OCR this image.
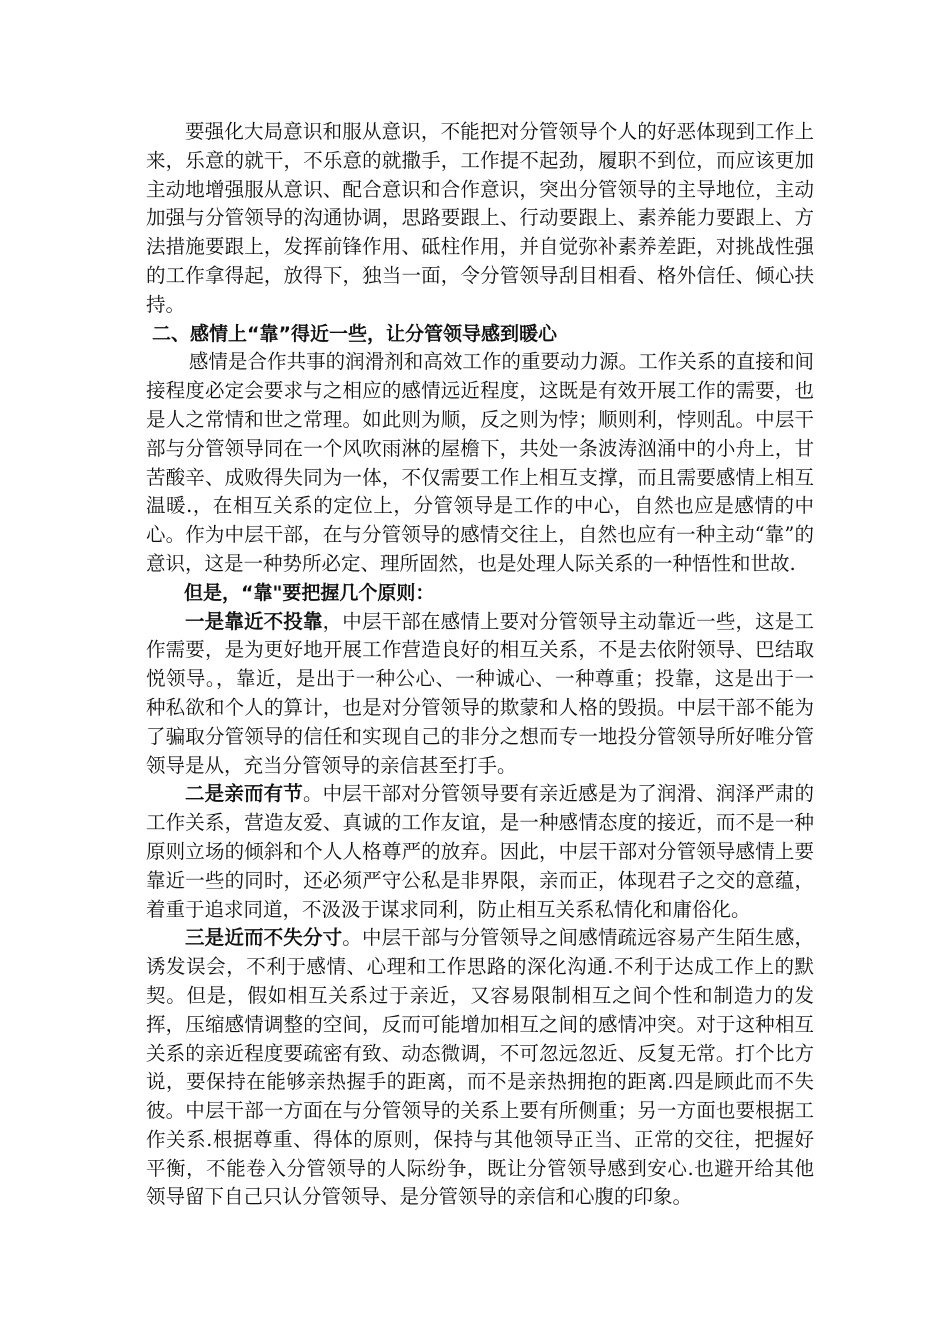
要强化大局意识和服从意识，不能把对分管领导个人的好恶体现到工作上来，乐意的就干，不乐意的就撒手，工作提不起劲，履职不到位，而应该更加主动地增强服从意识、配合意识和合作意识，突出分管领导的主导地位，主动加强与分管领导的沟通协调，思路要跟上、行动要跟上、素养能力要跟上、方法措施要跟上，发挥前锋作用、砥柱作用，并自觉弥补素养差距，对挑战性强的工作拿得起，放得下，独当一面，令分管领导刮目相看、格外信任、倾心扶持。

二、感情上“靠”得近一些，让分管领导感到暖心

感情是合作共事的润滑剂和高效工作的重要动力源。工作关系的直接和间接程度必定会要求与之相应的感情远近程度，这既是有效开展工作的需要，也是人之常情和世之常理。如此则为顺，反之则为悖；顺则利，悖则乱。中层干部与分管领导同在一个风吹雨淋的屋檐下，共处一条波涛汹涌中的小舟上，甘苦酸辛、成败得失同为一体，不仅需要工作上相互支撑，而且需要感情上相互温暖.，在相互关系的定位上，分管领导是工作的中心，自然也应是感情的中心。作为中层干部，在与分管领导的感情交往上，自然也应有一种主动“靠”的意识，这是一种势所必定、理所固然，也是处理人际关系的一种悟性和世故.

但是，“靠"要把握几个原则：

一是靠近不投靠，中层干部在感情上要对分管领导主动靠近一些，这是工作需要，是为更好地开展工作营造良好的相互关系，不是去依附领导、巴结取悦领导。，靠近，是出于一种公心、一种诚心、一种尊重；投靠，这是出于一种私欲和个人的算计，也是对分管领导的欺蒙和人格的毁损。中层干部不能为了骗取分管领导的信任和实现自己的非分之想而专一地投分管领导所好唯分管领导是从，充当分管领导的亲信甚至打手。

二是亲而有节。中层干部对分管领导要有亲近感是为了润滑、润泽严肃的工作关系，营造友爱、真诚的工作友谊，是一种感情态度的接近，而不是一种原则立场的倾斜和个人人格尊严的放弃。因此，中层干部对分管领导感情上要靠近一些的同时，还必须严守公私是非界限，亲而正，体现君子之交的意蕴，着重于追求同道，不汲汲于谋求同利，防止相互关系私情化和庸俗化。

三是近而不失分寸。中层干部与分管领导之间感情疏远容易产生陌生感，诱发误会，不利于感情、心理和工作思路的深化沟通.不利于达成工作上的默契。但是，假如相互关系过于亲近，又容易限制相互之间个性和制造力的发挥，压缩感情调整的空间，反而可能增加相互之间的感情冲突。对于这种相互关系的亲近程度要疏密有致、动态微调，不可忽远忽近、反复无常。打个比方说，要保持在能够亲热握手的距离，而不是亲热拥抱的距离.四是顾此而不失彼。中层干部一方面在与分管领导的关系上要有所侧重；另一方面也要根据工作关系.根据尊重、得体的原则，保持与其他领导正当、正常的交往，把握好平衡，不能卷入分管领导的人际纷争，既让分管领导感到安心.也避开给其他领导留下自己只认分管领导、是分管领导的亲信和心腹的印象。
